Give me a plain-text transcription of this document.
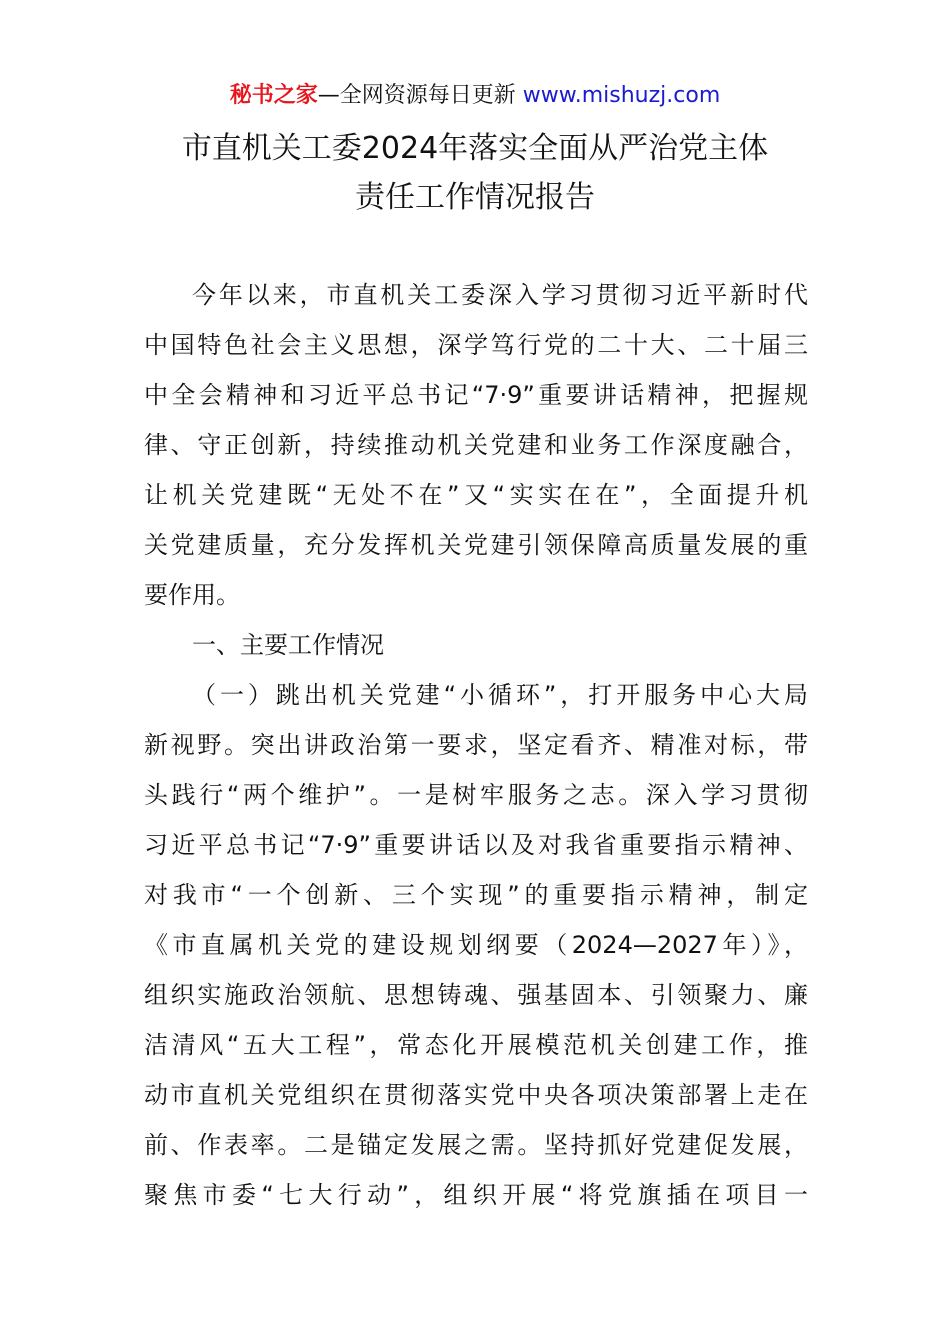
秘书之家—全网资源每日更新 www.mishuzj.com
市直机关工委2024年落实全面从严治党主体
责任工作情况报告
今年以来，市直机关工委深入学习贯彻习近平新时代
中国特色社会主义思想，深学笃行党的二十大、二十届三
中全会精神和习近平总书记“7·9”重要讲话精神，把握规
律、守正创新，持续推动机关党建和业务工作深度融合，
让机关党建既“无处不在”又“实实在在”，全面提升机
关党建质量，充分发挥机关党建引领保障高质量发展的重
要作用。
一、主要工作情况
（一）跳出机关党建“小循环”，打开服务中心大局
新视野。突出讲政治第一要求，坚定看齐、精准对标，带
头践行“两个维护”。一是树牢服务之志。深入学习贯彻
习近平总书记“7·9”重要讲话以及对我省重要指示精神、
对我市“一个创新、三个实现”的重要指示精神，制定
《市直属机关党的建设规划纲要（2024—2027年）》，
组织实施政治领航、思想铸魂、强基固本、引领聚力、廉
洁清风“五大工程”，常态化开展模范机关创建工作，推
动市直机关党组织在贯彻落实党中央各项决策部署上走在
前、作表率。二是锚定发展之需。坚持抓好党建促发展，
聚焦市委“七大行动”，组织开展“将党旗插在项目一
